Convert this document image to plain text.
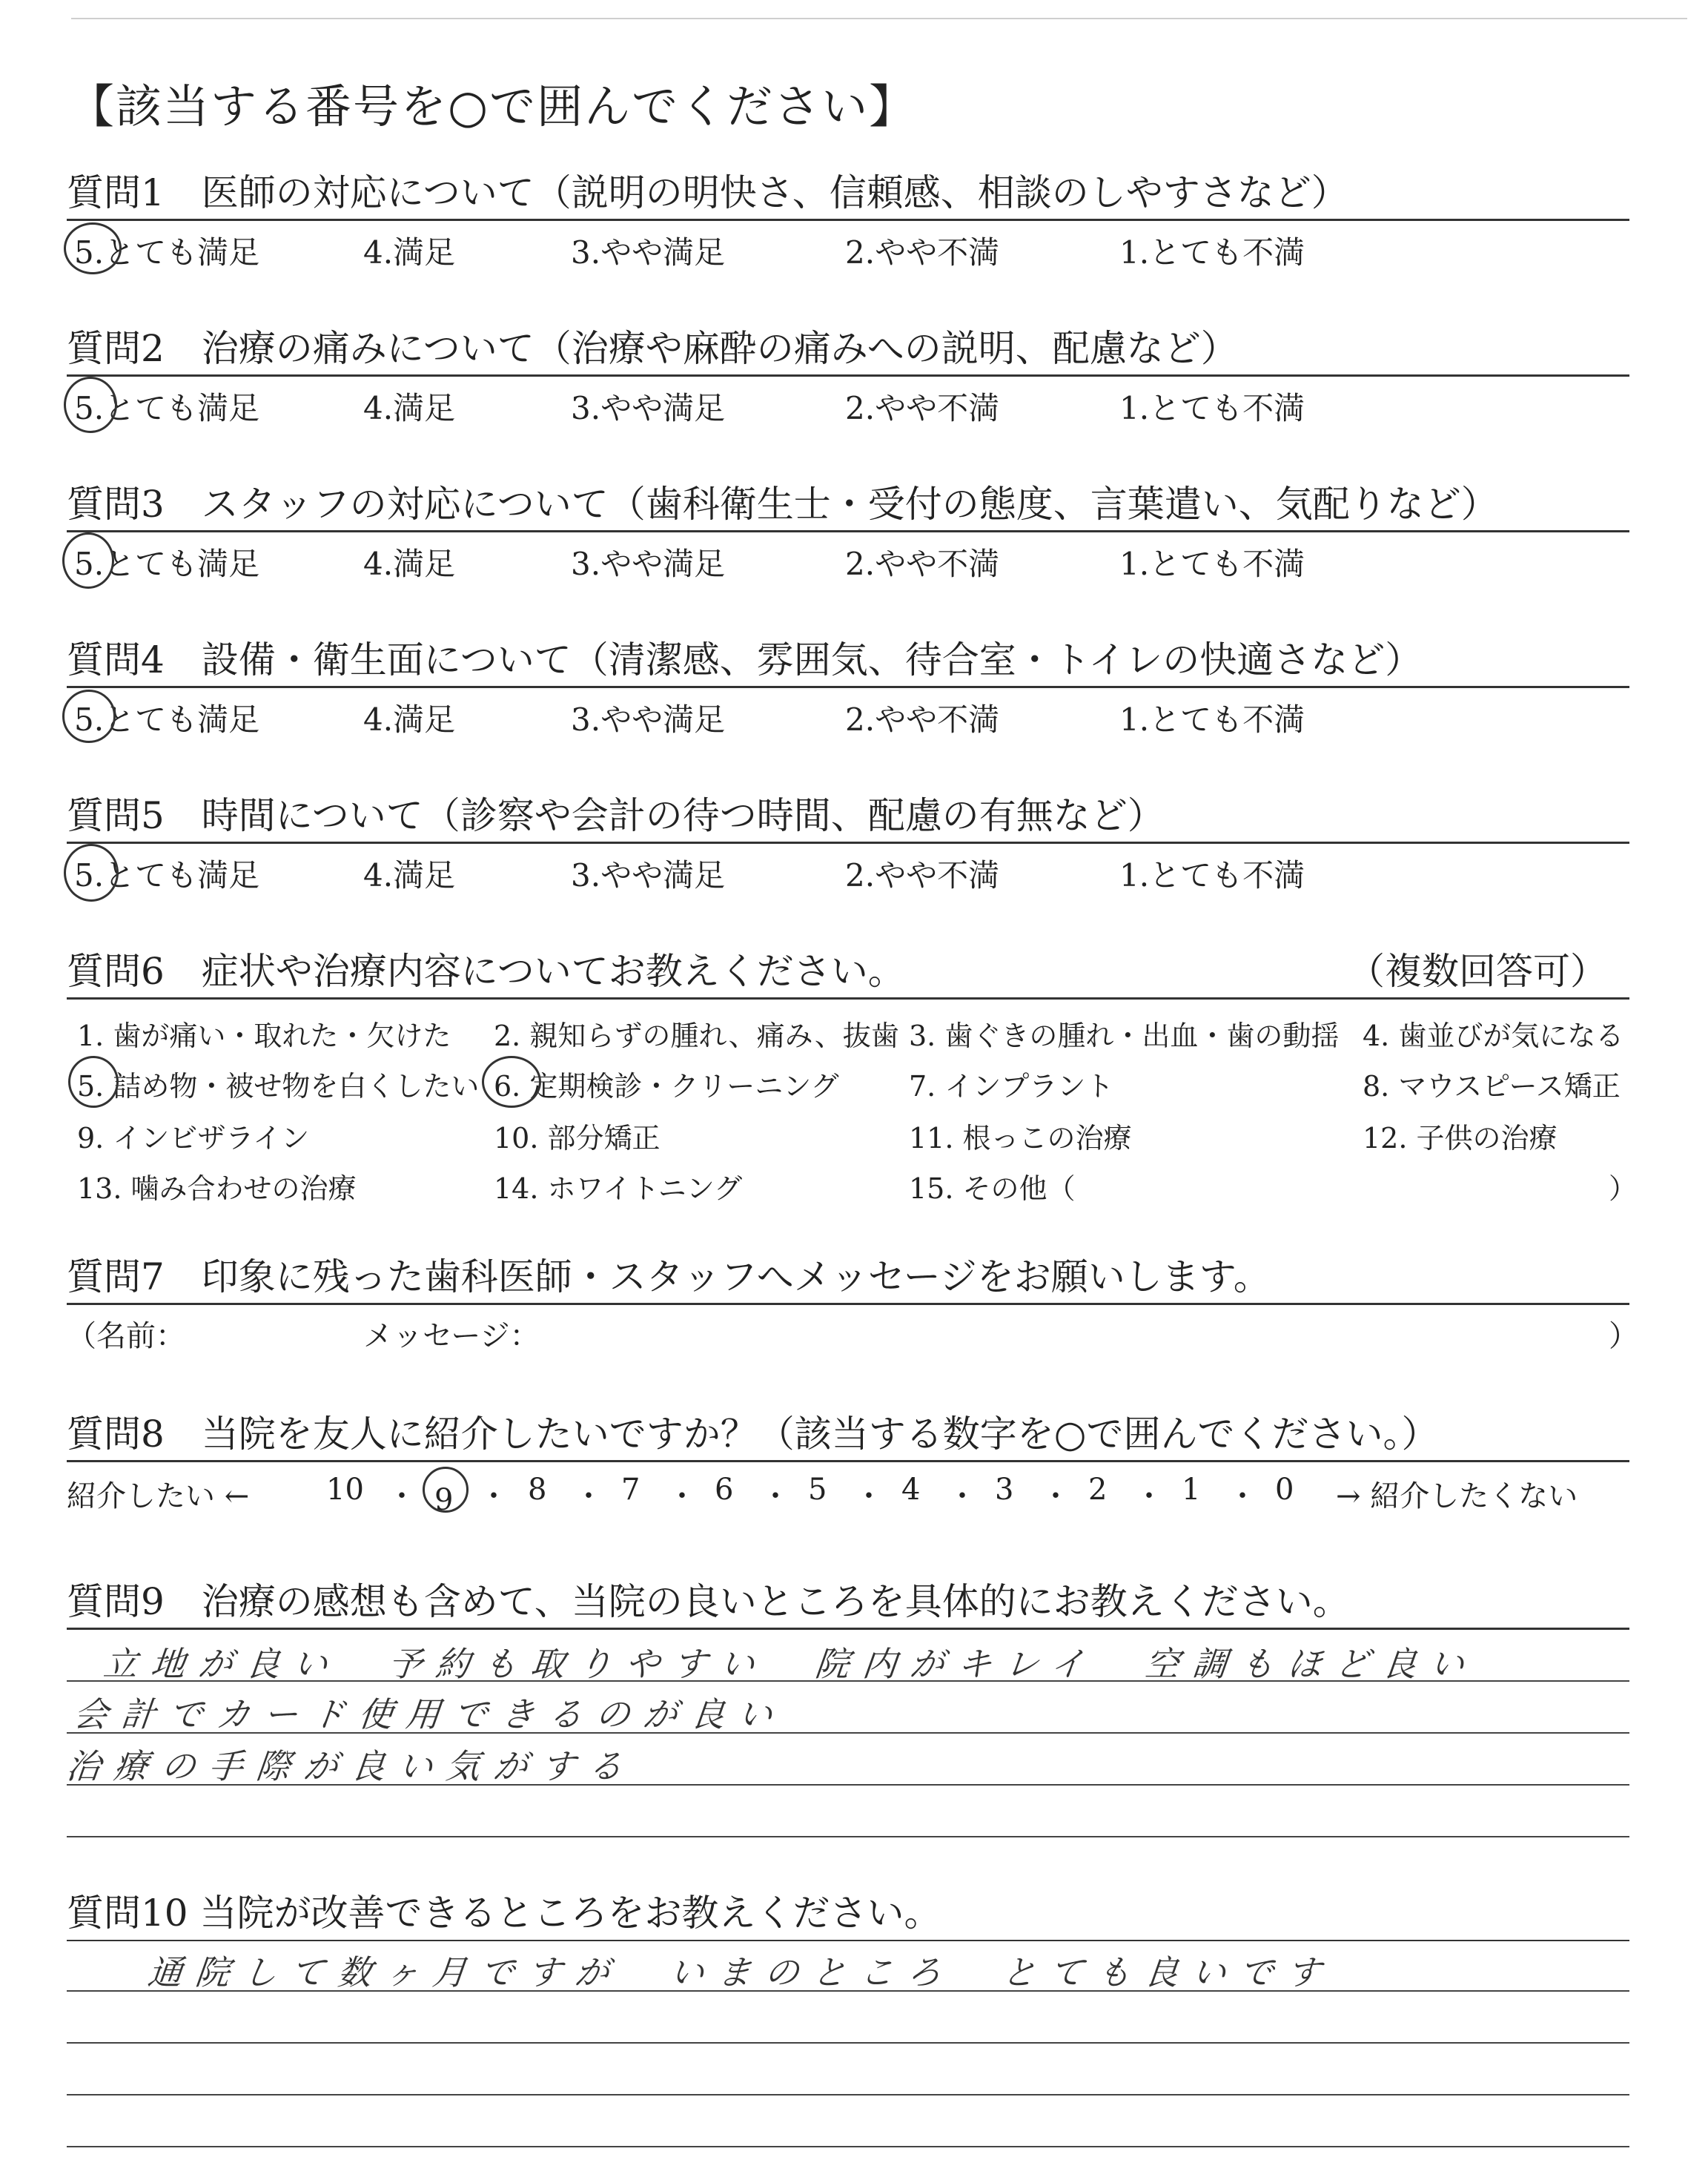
【該当する番号を○で囲んでください】
質問1　医師の対応について（説明の明快さ、信頼感、相談のしやすさなど）
5.とても満足	4.満足	3.やや満足	2.やや不満	1.とても不満
質問2　治療の痛みについて（治療や麻酔の痛みへの説明、配慮など）
5.とても満足	4.満足	3.やや満足	2.やや不満	1.とても不満
質問3　スタッフの対応について（歯科衛生士・受付の態度、言葉遣い、気配りなど）
5.とても満足	4.満足	3.やや満足	2.やや不満	1.とても不満
質問4　設備・衛生面について（清潔感、雰囲気、待合室・トイレの快適さなど）
5.とても満足	4.満足	3.やや満足	2.やや不満	1.とても不満
質問5　時間について（診察や会計の待つ時間、配慮の有無など）
5.とても満足	4.満足	3.やや満足	2.やや不満	1.とても不満
質問6　症状や治療内容についてお教えください。	（複数回答可）
1. 歯が痛い・取れた・欠けた 2. 親知らずの腫れ、痛み、抜歯 3. 歯ぐきの腫れ・出血・歯の動揺 4. 歯並びが気になる
5. 詰め物・被せ物を白くしたい 6. 定期検診・クリーニング 7. インプラント	8. マウスピース矯正
9. インビザライン	10. 部分矯正	11. 根っこの治療	12. 子供の治療
13. 噛み合わせの治療	14. ホワイトニング	15. その他（	）
質問7　印象に残った歯科医師・スタッフへメッセージをお願いします。
（名前：	メッセージ：	）
質問8　当院を友人に紹介したいですか？（該当する数字を○で囲んでください。）
紹介したい ←	10 ・ 9 ・ 8 ・ 7 ・ 6 ・ 5 ・ 4 ・ 3 ・ 2 ・ 1 ・ 0 → 紹介したくない
質問9　治療の感想も含めて、当院の良いところを具体的にお教えください。
立地が良い　予約も取りやすい　院内がキレイ　空調もほど良い
会計でカード使用できるのが良い
治療の手際が良い気がする
質問10 当院が改善できるところをお教えください。
通院して数ヶ月ですが　いまのところ　とても良いです
